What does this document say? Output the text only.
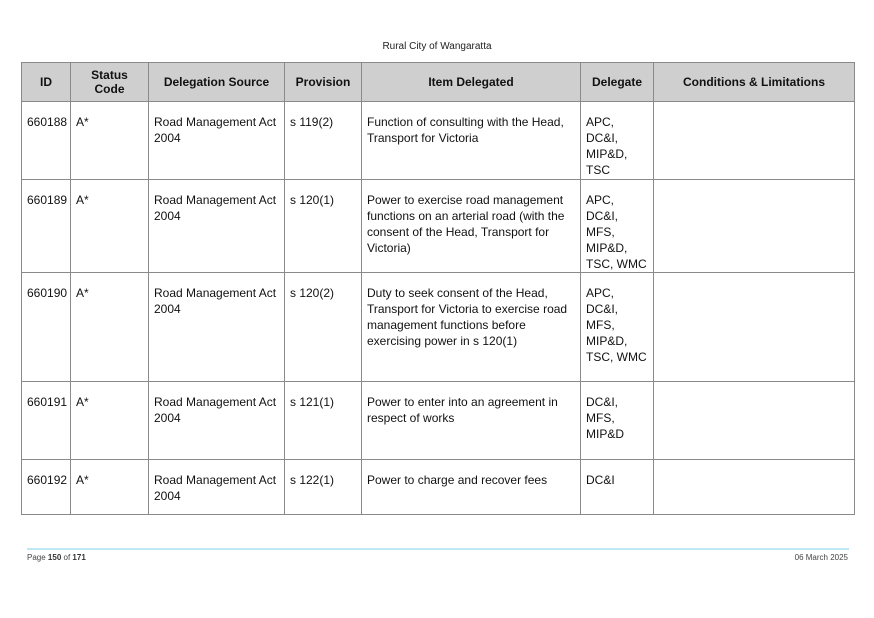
Rural City of Wangaratta
ID	Status Code	Delegation Source	Provision	Item Delegated	Delegate	Conditions & Limitations
660188	A*	Road Management Act 2004	s 119(2)	Function of consulting with the Head, Transport for Victoria	APC, DC&I, MIP&D, TSC	
660189	A*	Road Management Act 2004	s 120(1)	Power to exercise road management functions on an arterial road (with the consent of the Head, Transport for Victoria)	APC, DC&I, MFS, MIP&D, TSC, WMC	
660190	A*	Road Management Act 2004	s 120(2)	Duty to seek consent of the Head, Transport for Victoria to exercise road management functions before exercising power in s 120(1)	APC, DC&I, MFS, MIP&D, TSC, WMC	
660191	A*	Road Management Act 2004	s 121(1)	Power to enter into an agreement in respect of works	DC&I, MFS, MIP&D	
660192	A*	Road Management Act 2004	s 122(1)	Power to charge and recover fees	DC&I	
Page 150 of 171	06 March 2025
